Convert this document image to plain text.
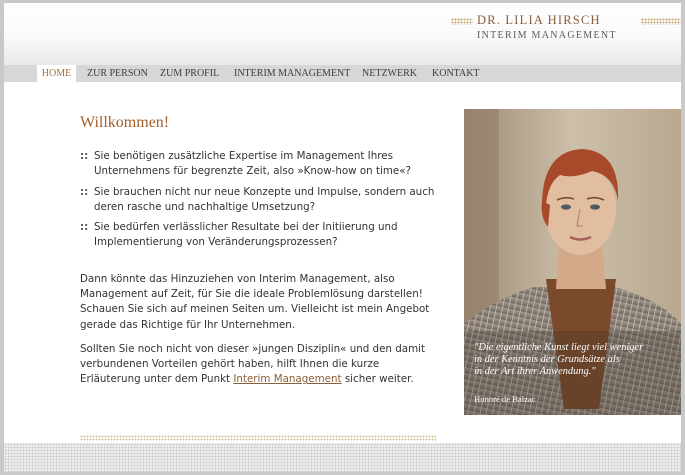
DR. LILIA HIRSCH
INTERIM MANAGEMENT
HOME	ZUR PERSON ZUM PROFIL INTERIM MANAGEMENT NETZWERK KONTAKT
Willkommen!
:: Sie benötigen zusätzliche Expertise im Management Ihres Unternehmens für begrenzte Zeit, also »Know-how on time«?
:: Sie brauchen nicht nur neue Konzepte und Impulse, sondern auch deren rasche und nachhaltige Umsetzung?
:: Sie bedürfen verlässlicher Resultate bei der Initiierung und Implementierung von Veränderungsprozessen?
Dann könnte das Hinzuziehen von Interim Management, also Management auf Zeit, für Sie die ideale Problemlösung darstellen! Schauen Sie sich auf meinen Seiten um. Vielleicht ist mein Angebot gerade das Richtige für Ihr Unternehmen.
Sollten Sie noch nicht von dieser »jungen Disziplin« und den damit verbundenen Vorteilen gehört haben, hilft Ihnen die kurze Erläuterung unter dem Punkt Interim Management sicher weiter.
"Die eigentliche Kunst liegt viel weniger
in der Kenntnis der Grundsätze als
in der Art ihrer Anwendung."
Honoré de Balzac
